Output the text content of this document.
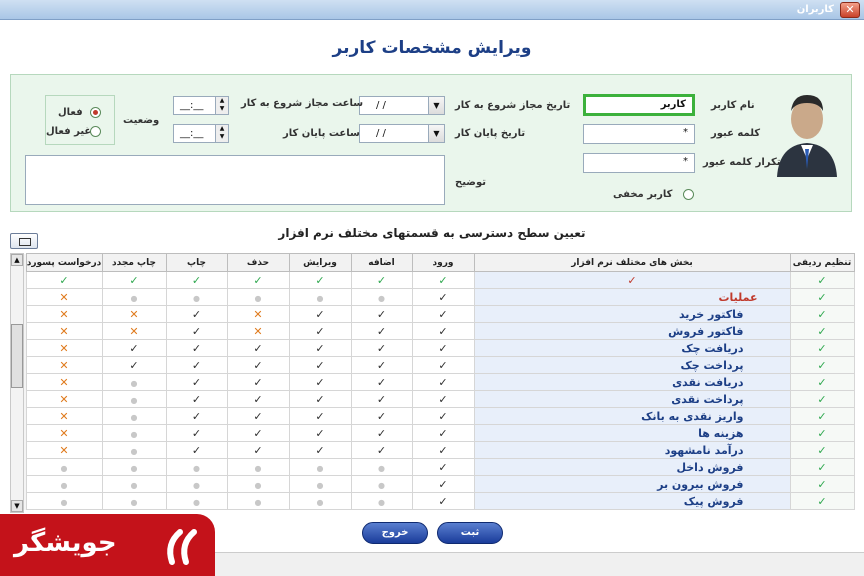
کاربران	✕
ویرایش مشخصات کاربر
نام کاربر
کاربر
کلمه عبور
*
تکرار کلمه عبور
*
کاربر مخفی
تاریخ مجاز شروع به کار
/ /	▼
تاریخ پایان کار
/ /	▼
ساعت مجاز شروع به کار
__:__	▲
▼
ساعت پایان کار
__:__	▲
▼
وضعیت
فعال
غیر فعال
توضیح
تعیین سطح دسترسی به قسمتهای مختلف نرم افزار
	درخواست پسورد	چاپ مجدد	چاپ	حذف	ویرایش	اضافه	ورود	بخش های مختلف نرم افزار	تنظیم ردیفی
	✓	✓	✓	✓	✓	✓	✓	✓	✓
	✕	●	●	●	●	●	✓	عملیات	✓
	✕	✕	✓	✕	✓	✓	✓	فاکتور خرید	✓
	✕	✕	✓	✕	✓	✓	✓	فاکتور فروش	✓
	✕	✓	✓	✓	✓	✓	✓	دریافت چک	✓
	✕	✓	✓	✓	✓	✓	✓	پرداخت چک	✓
	✕	●	✓	✓	✓	✓	✓	دریافت نقدی	✓
	✕	●	✓	✓	✓	✓	✓	پرداخت نقدی	✓
	✕	●	✓	✓	✓	✓	✓	واریز نقدی به بانک	✓
	✕	●	✓	✓	✓	✓	✓	هزینه ها	✓
	✕	●	✓	✓	✓	✓	✓	درآمد نامشهود	✓
	●	●	●	●	●	●	✓	فروش داخل	✓
	●	●	●	●	●	●	✓	فروش بیرون بر	✓
	●	●	●	●	●	●	✓	فروش پیک	✓
▲
▼
ثبت
خروج
جویشگر
